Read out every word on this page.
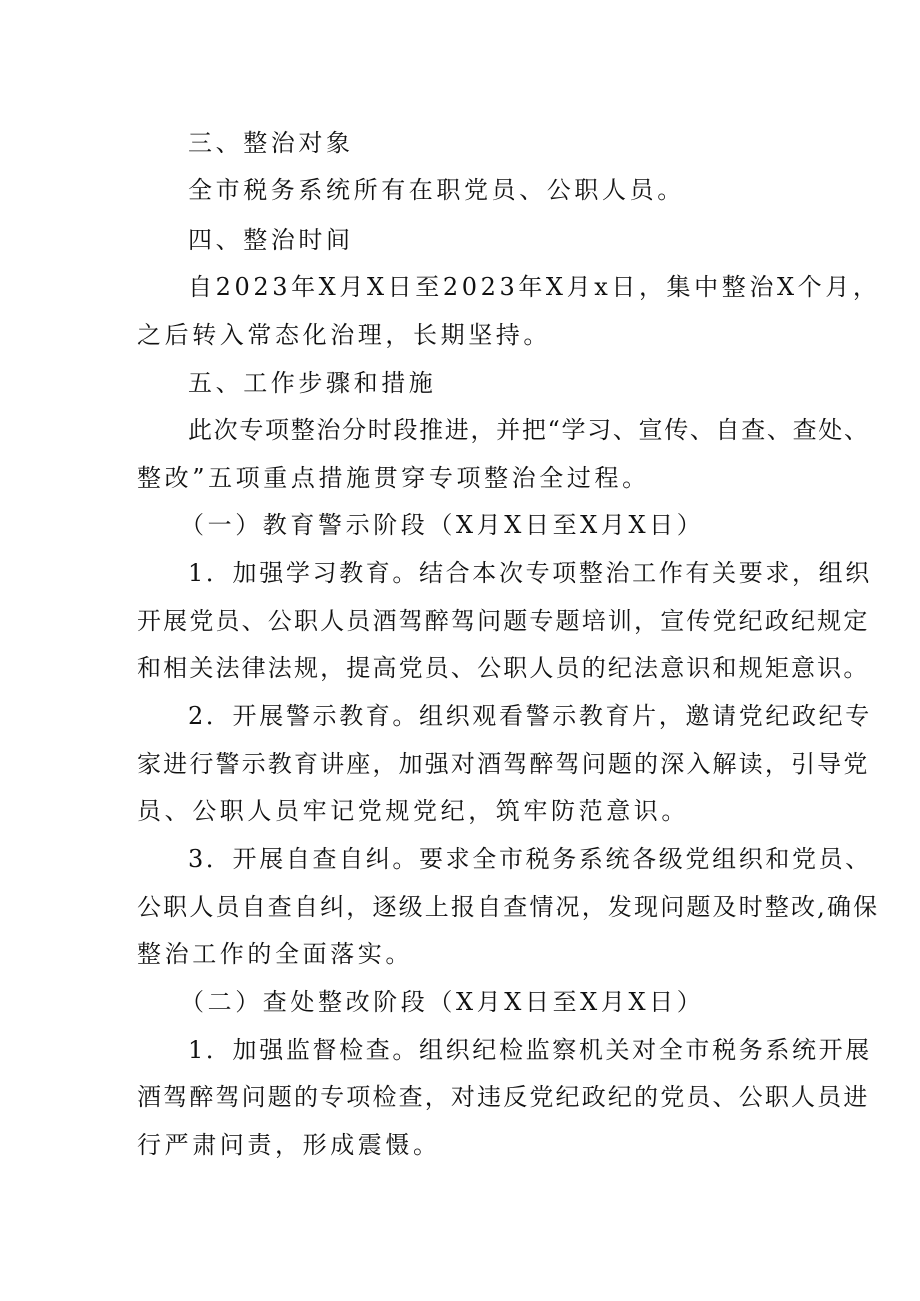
三、整治对象
全市税务系统所有在职党员、公职人员。
四、整治时间
自2023年X月X日至2023年X月x日，集中整治X个月，
之后转入常态化治理，长期坚持。
五、工作步骤和措施
此次专项整治分时段推进，并把“学习、宣传、自查、查处、
整改”五项重点措施贯穿专项整治全过程。
（一）教育警示阶段（X月X日至X月X日）
1．加强学习教育。结合本次专项整治工作有关要求，组织
开展党员、公职人员酒驾醉驾问题专题培训，宣传党纪政纪规定
和相关法律法规，提高党员、公职人员的纪法意识和规矩意识。
2．开展警示教育。组织观看警示教育片，邀请党纪政纪专
家进行警示教育讲座，加强对酒驾醉驾问题的深入解读，引导党
员、公职人员牢记党规党纪，筑牢防范意识。
3．开展自查自纠。要求全市税务系统各级党组织和党员、
公职人员自查自纠，逐级上报自查情况，发现问题及时整改,确保
整治工作的全面落实。
（二）查处整改阶段（X月X日至X月X日）
1．加强监督检查。组织纪检监察机关对全市税务系统开展
酒驾醉驾问题的专项检查，对违反党纪政纪的党员、公职人员进
行严肃问责，形成震慑。
